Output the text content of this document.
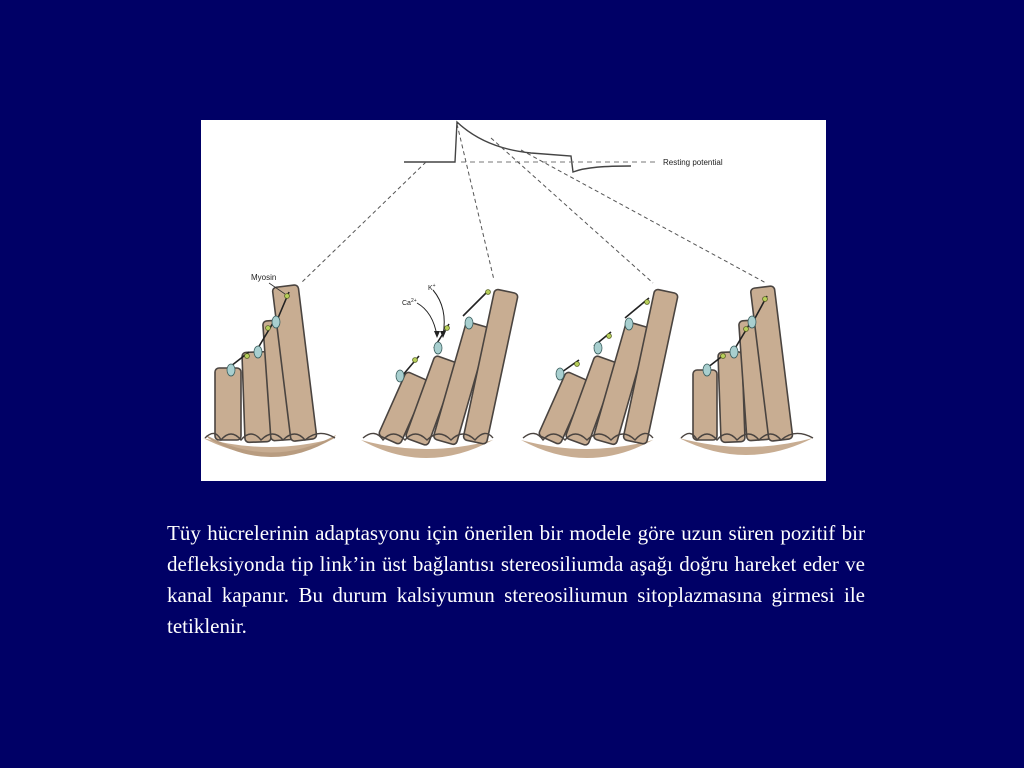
Resting potential
Myosin
K+
$Ca^{2+}$

Tüy hücrelerinin adaptasyonu için önerilen bir modele göre uzun süren pozitif bir defleksiyonda tip link’in üst bağlantısı stereosiliumda aşağı doğru hareket eder ve kanal kapanır. Bu durum kalsiyumun stereosiliumun sitoplazmasına girmesi ile tetiklenir.
